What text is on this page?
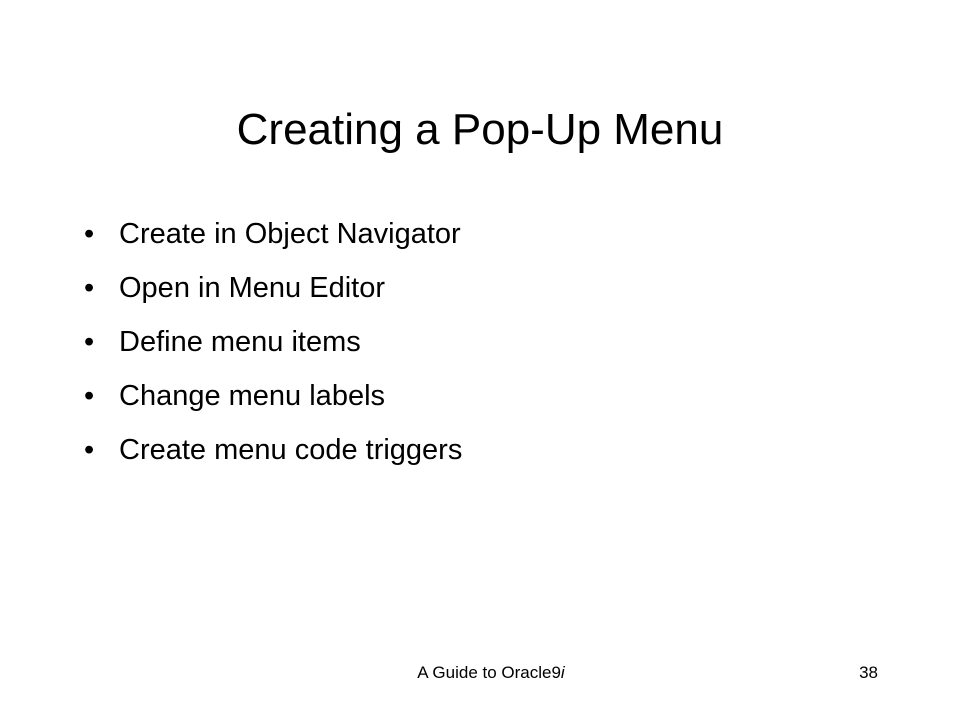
Creating a Pop-Up Menu
• Create in Object Navigator
• Open in Menu Editor
• Define menu items
• Change menu labels
• Create menu code triggers
A Guide to Oracle9i	38
